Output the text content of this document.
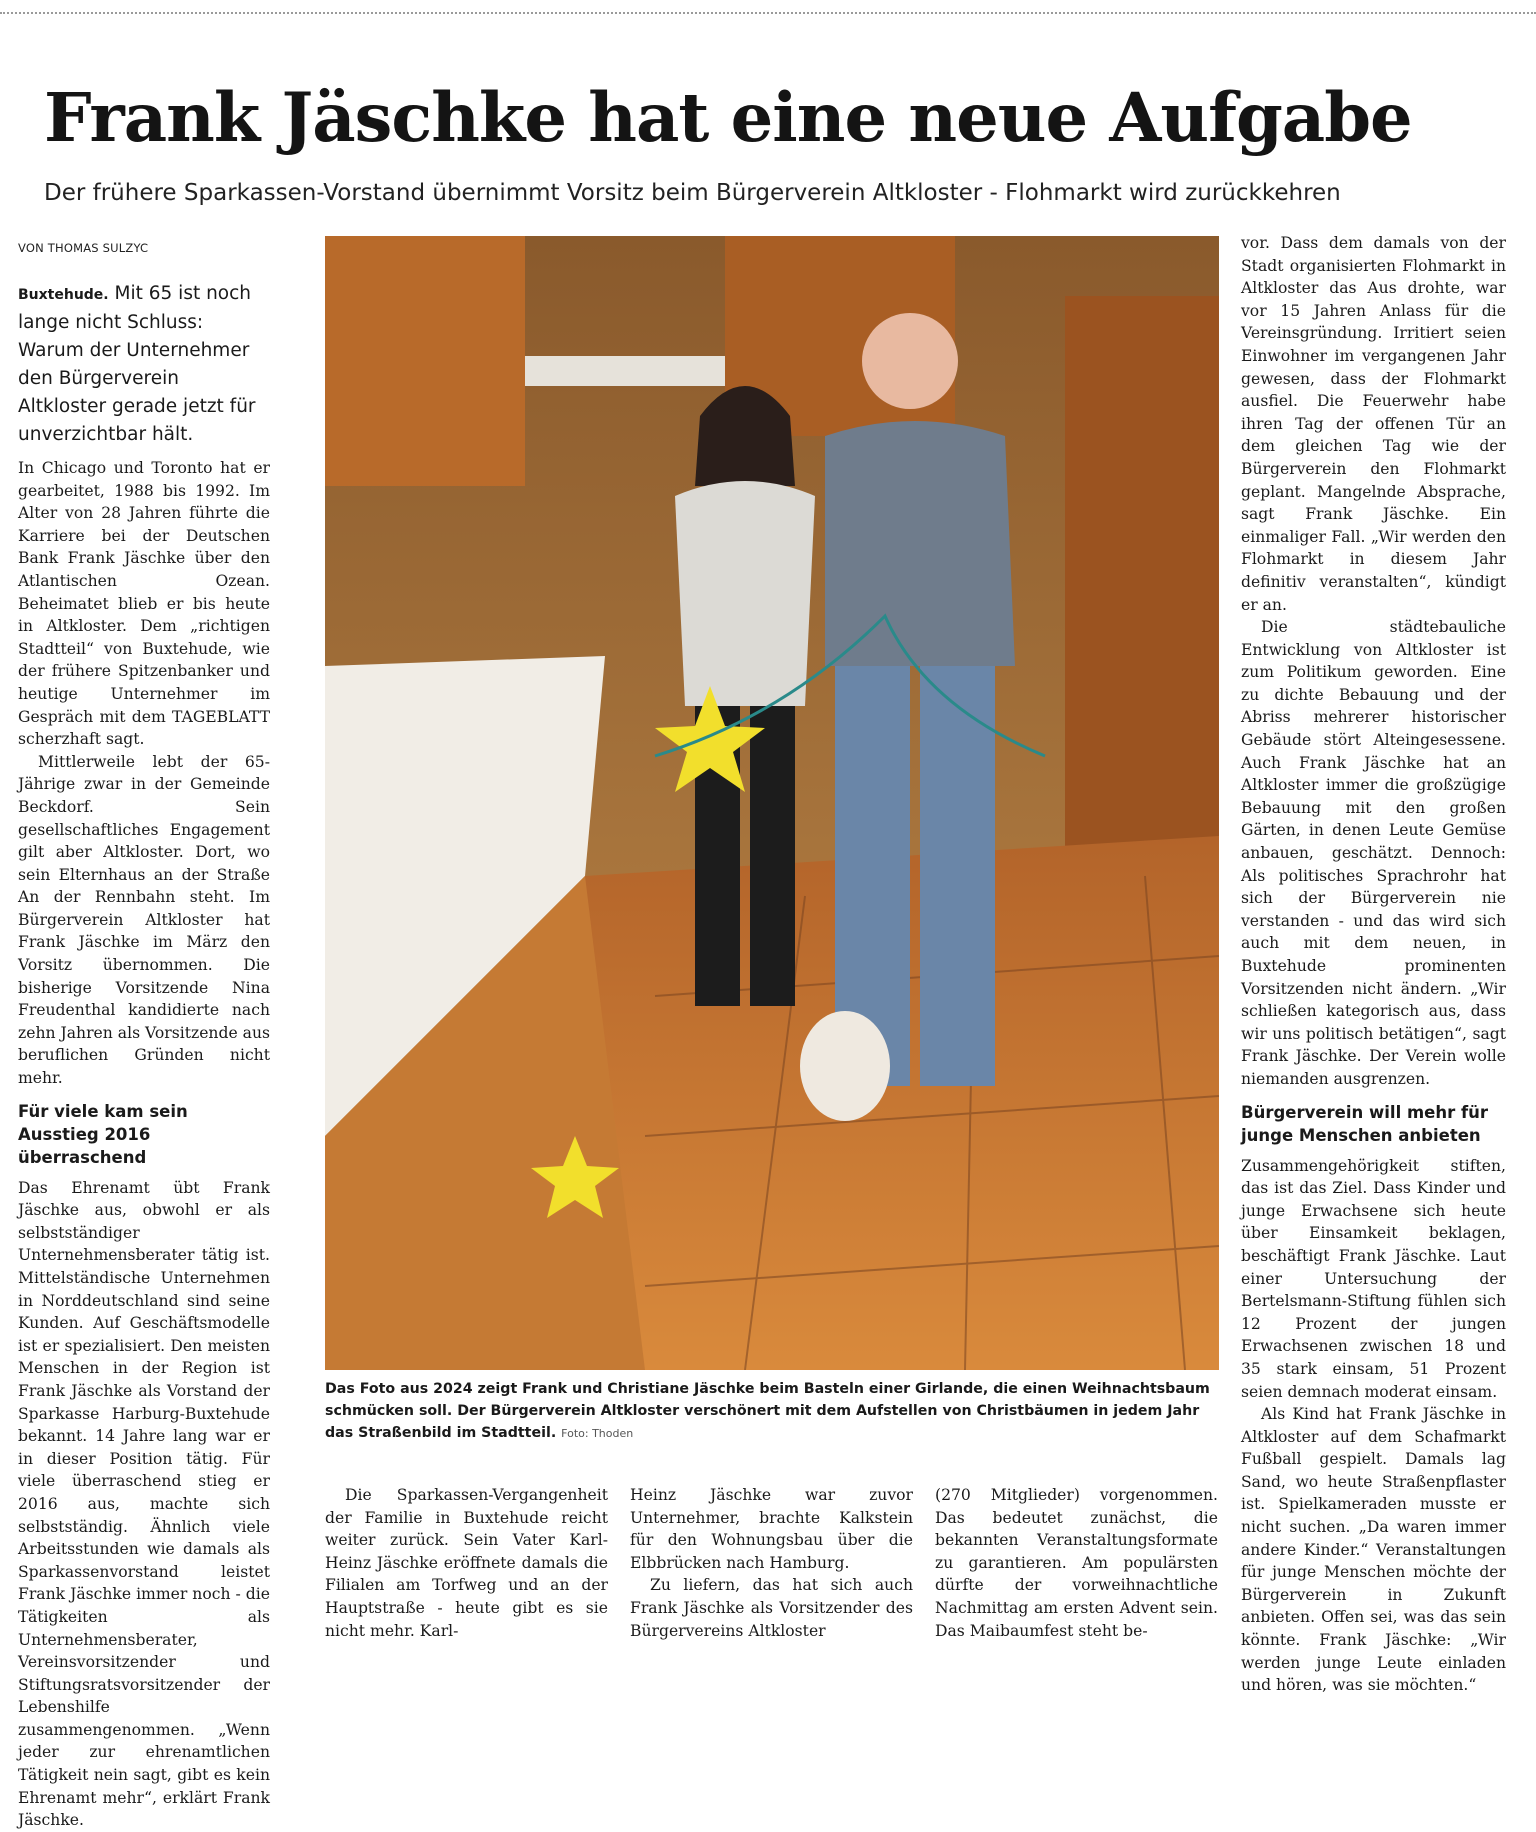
Frank Jäschke hat eine neue Aufgabe
Der frühere Sparkassen-Vorstand übernimmt Vorsitz beim Bürgerverein Altkloster - Flohmarkt wird zurückkehren
VON THOMAS SULZYC

Buxtehude. Mit 65 ist noch lange nicht Schluss: Warum der Unternehmer den Bürgerverein Altkloster gerade jetzt für unverzichtbar hält.

In Chicago und Toronto hat er gearbeitet, 1988 bis 1992. Im Alter von 28 Jahren führte die Karriere bei der Deutschen Bank Frank Jäschke über den Atlantischen Ozean. Beheimatet blieb er bis heute in Altkloster. Dem „richtigen Stadtteil“ von Buxtehude, wie der frühere Spitzenbanker und heutige Unternehmer im Gespräch mit dem TAGEBLATT scherzhaft sagt.

Mittlerweile lebt der 65-Jährige zwar in der Gemeinde Beckdorf. Sein gesellschaftliches Engagement gilt aber Altkloster. Dort, wo sein Elternhaus an der Straße An der Rennbahn steht. Im Bürgerverein Altkloster hat Frank Jäschke im März den Vorsitz übernommen. Die bisherige Vorsitzende Nina Freudenthal kandidierte nach zehn Jahren als Vorsitzende aus beruflichen Gründen nicht mehr.

Für viele kam sein Ausstieg 2016 überraschend

Das Ehrenamt übt Frank Jäschke aus, obwohl er als selbstständiger Unternehmensberater tätig ist. Mittelständische Unternehmen in Norddeutschland sind seine Kunden. Auf Geschäftsmodelle ist er spezialisiert. Den meisten Menschen in der Region ist Frank Jäschke als Vorstand der Sparkasse Harburg-Buxtehude bekannt. 14 Jahre lang war er in dieser Position tätig. Für viele überraschend stieg er 2016 aus, machte sich selbstständig. Ähnlich viele Arbeitsstunden wie damals als Sparkassenvorstand leistet Frank Jäschke immer noch - die Tätigkeiten als Unternehmensberater, Vereinsvorsitzender und Stiftungsratsvorsitzender der Lebenshilfe zusammengenommen. „Wenn jeder zur ehrenamtlichen Tätigkeit nein sagt, gibt es kein Ehrenamt mehr“, erklärt Frank Jäschke.

Das Foto aus 2024 zeigt Frank und Christiane Jäschke beim Basteln einer Girlande, die einen Weihnachtsbaum schmücken soll. Der Bürgerverein Altkloster verschönert mit dem Aufstellen von Christbäumen in jedem Jahr das Straßenbild im Stadtteil. Foto: Thoden

Die Sparkassen-Vergangenheit der Familie in Buxtehude reicht weiter zurück. Sein Vater Karl-Heinz Jäschke eröffnete damals die Filialen am Torfweg und an der Hauptstraße - heute gibt es sie nicht mehr. Karl-

Heinz Jäschke war zuvor Unternehmer, brachte Kalkstein für den Wohnungsbau über die Elbbrücken nach Hamburg.

Zu liefern, das hat sich auch Frank Jäschke als Vorsitzender des Bürgervereins Altkloster

(270 Mitglieder) vorgenommen. Das bedeutet zunächst, die bekannten Veranstaltungsformate zu garantieren. Am populärsten dürfte der vorweihnachtliche Nachmittag am ersten Advent sein. Das Maibaumfest steht be-

vor. Dass dem damals von der Stadt organisierten Flohmarkt in Altkloster das Aus drohte, war vor 15 Jahren Anlass für die Vereinsgründung. Irritiert seien Einwohner im vergangenen Jahr gewesen, dass der Flohmarkt ausfiel. Die Feuerwehr habe ihren Tag der offenen Tür an dem gleichen Tag wie der Bürgerverein den Flohmarkt geplant. Mangelnde Absprache, sagt Frank Jäschke. Ein einmaliger Fall. „Wir werden den Flohmarkt in diesem Jahr definitiv veranstalten“, kündigt er an.

Die städtebauliche Entwicklung von Altkloster ist zum Politikum geworden. Eine zu dichte Bebauung und der Abriss mehrerer historischer Gebäude stört Alteingesessene. Auch Frank Jäschke hat an Altkloster immer die großzügige Bebauung mit den großen Gärten, in denen Leute Gemüse anbauen, geschätzt. Dennoch: Als politisches Sprachrohr hat sich der Bürgerverein nie verstanden - und das wird sich auch mit dem neuen, in Buxtehude prominenten Vorsitzenden nicht ändern. „Wir schließen kategorisch aus, dass wir uns politisch betätigen“, sagt Frank Jäschke. Der Verein wolle niemanden ausgrenzen.

Bürgerverein will mehr für junge Menschen anbieten

Zusammengehörigkeit stiften, das ist das Ziel. Dass Kinder und junge Erwachsene sich heute über Einsamkeit beklagen, beschäftigt Frank Jäschke. Laut einer Untersuchung der Bertelsmann-Stiftung fühlen sich 12 Prozent der jungen Erwachsenen zwischen 18 und 35 stark einsam, 51 Prozent seien demnach moderat einsam.

Als Kind hat Frank Jäschke in Altkloster auf dem Schafmarkt Fußball gespielt. Damals lag Sand, wo heute Straßenpflaster ist. Spielkameraden musste er nicht suchen. „Da waren immer andere Kinder.“ Veranstaltungen für junge Menschen möchte der Bürgerverein in Zukunft anbieten. Offen sei, was das sein könnte. Frank Jäschke: „Wir werden junge Leute einladen und hören, was sie möchten.“
